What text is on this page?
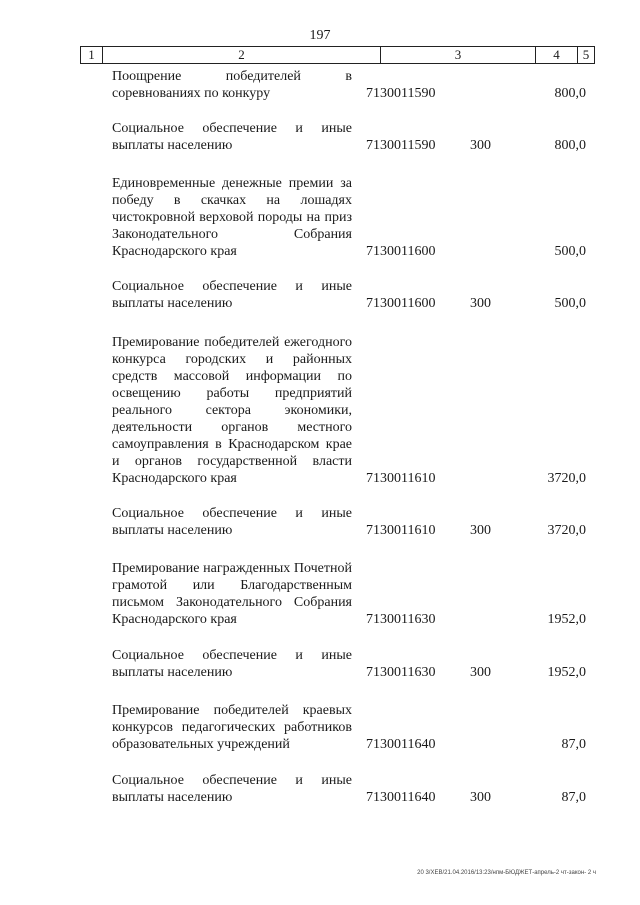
197
1	2	3	4	5
Поощрение победителей в соревнованиях по конкуру	7130011590	800,0
Социальное обеспечение и иные выплаты населению	7130011590 300	800,0
Единовременные денежные премии за победу в скачках на лошадях чистокровной верховой породы на приз Законодательного Собрания Краснодарского края	7130011600	500,0
Социальное обеспечение и иные выплаты населению	7130011600 300	500,0
Премирование победителей ежегодного конкурса городских и районных средств массовой информации по освещению работы предприятий реального сектора экономики, деятельности органов местного самоуправления в Краснодарском крае и органов государственной власти Краснодарского края	7130011610	3720,0
Социальное обеспечение и иные выплаты населению	7130011610 300	3720,0
Премирование награжденных Почетной грамотой или Благодарственным письмом Законодательного Собрания Краснодарского края	7130011630	1952,0
Социальное обеспечение и иные выплаты населению	7130011630 300	1952,0
Премирование победителей краевых конкурсов педагогических работников образовательных учреждений	7130011640	87,0
Социальное обеспечение и иные выплаты населению	7130011640 300	87,0
20 3/ХЕВ/21.04.2016/13:23/нпм-БЮДЖЕТ-апрель-2 чт-закон- 2 ч
